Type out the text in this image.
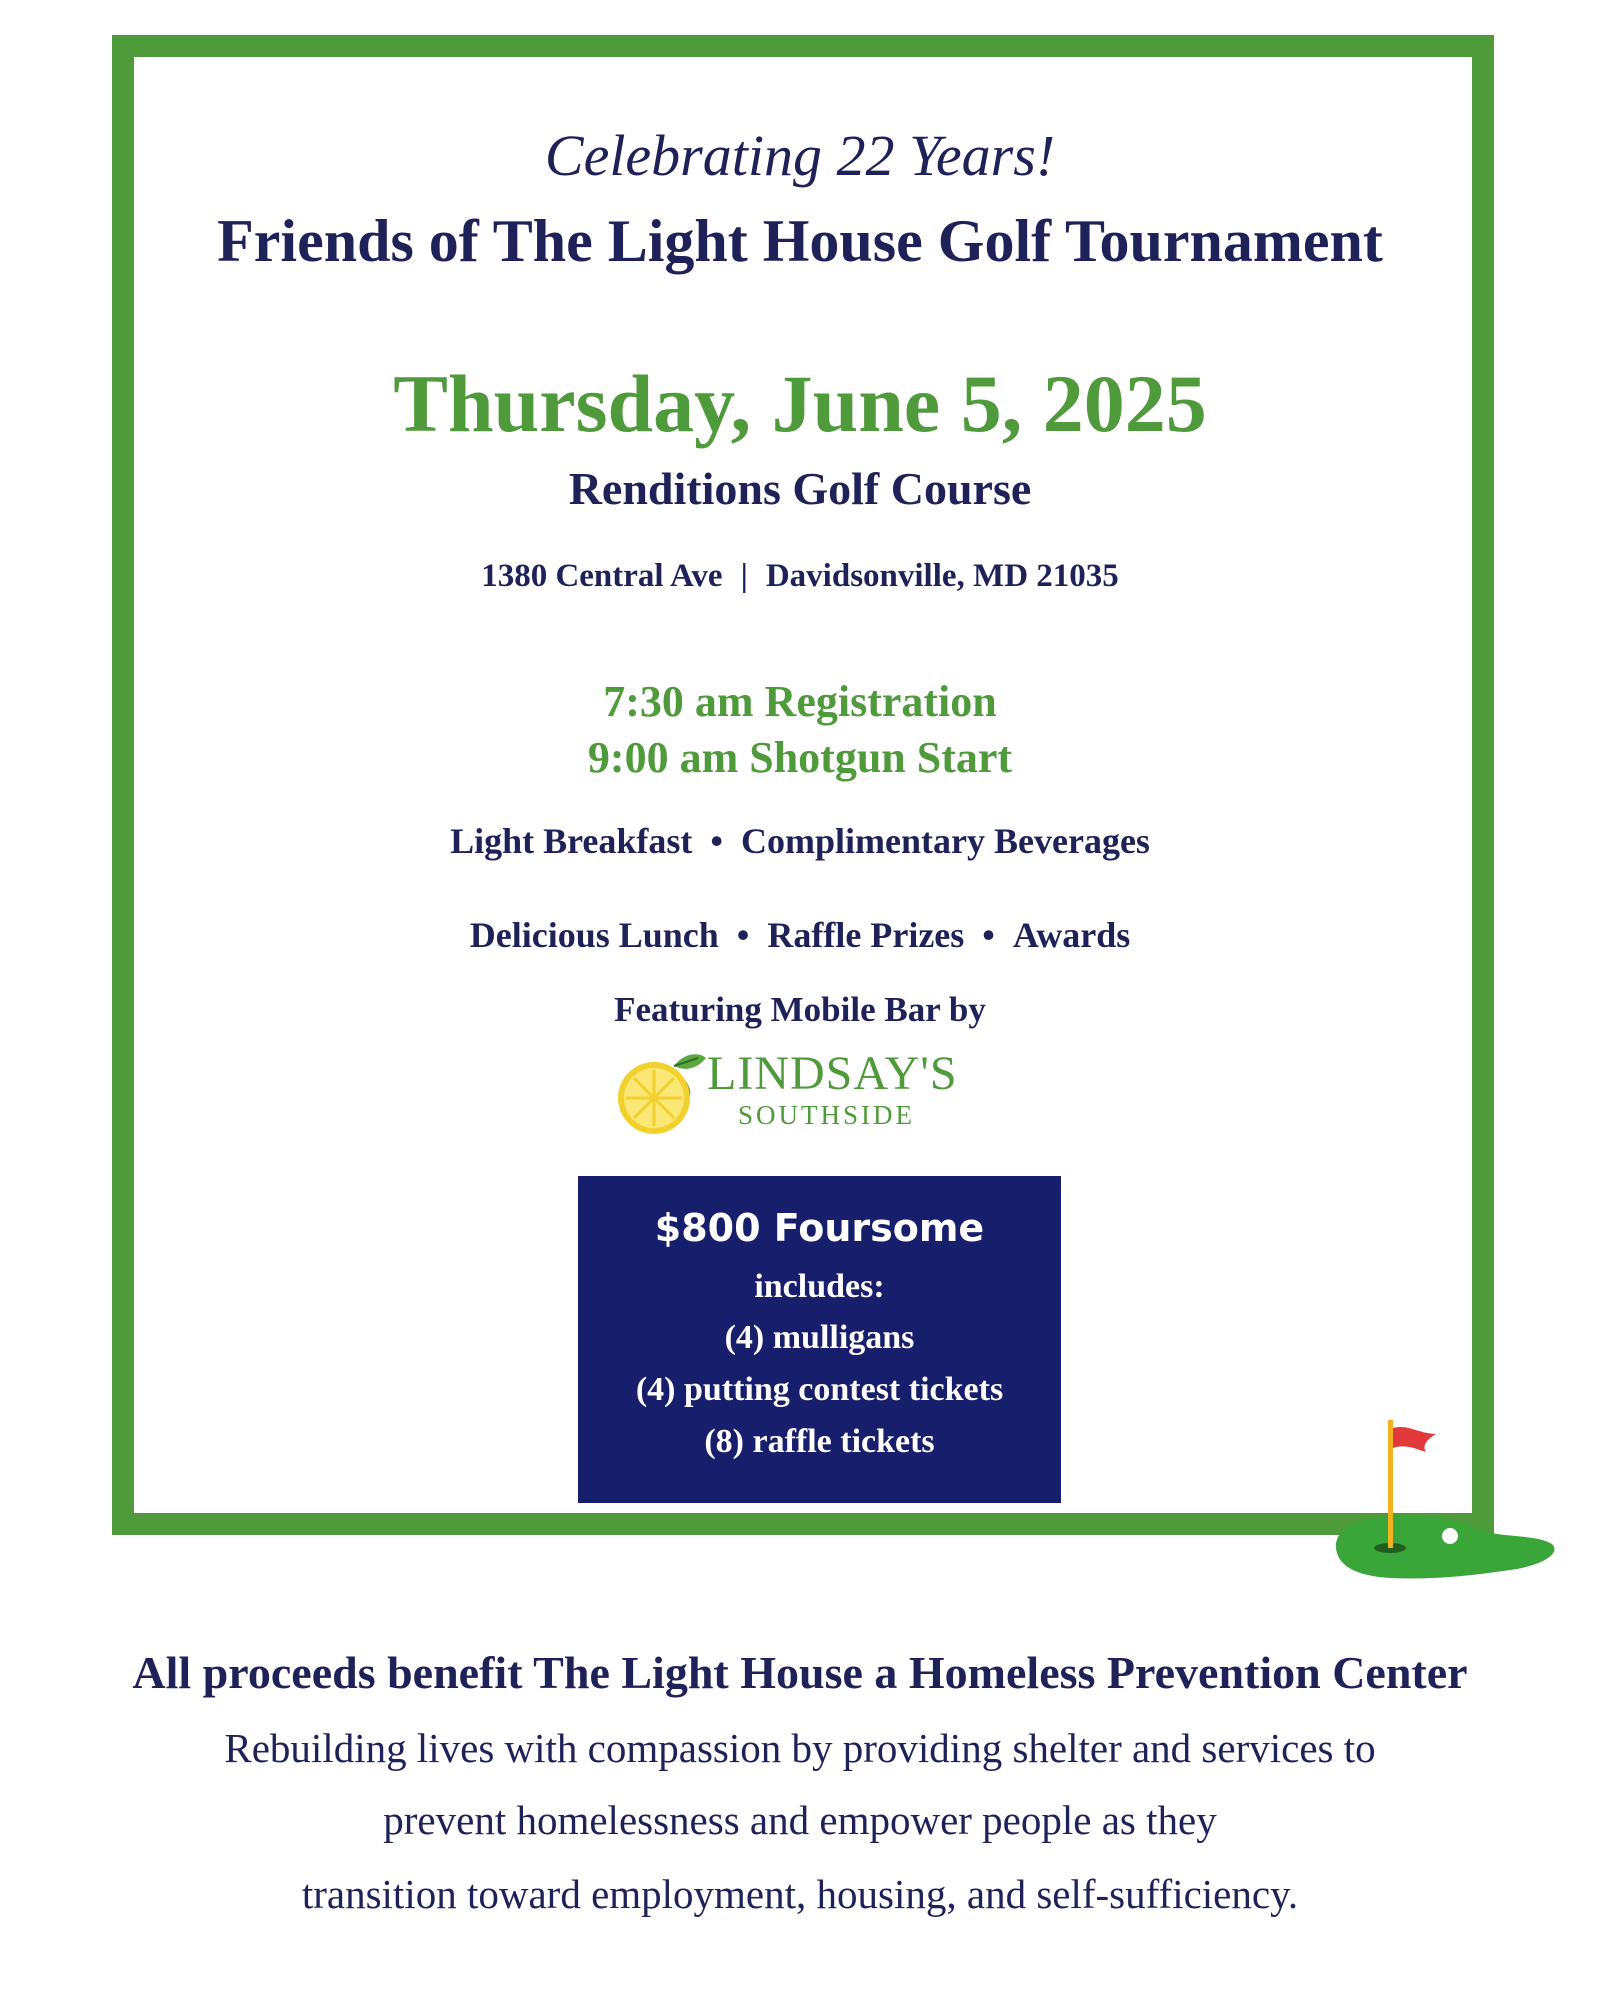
Celebrating 22 Years!
Friends of The Light House Golf Tournament
Thursday, June 5, 2025
Renditions Golf Course
1380 Central Ave | Davidsonville, MD 21035
7:30 am Registration
9:00 am Shotgun Start
Light Breakfast • Complimentary Beverages
Delicious Lunch • Raffle Prizes • Awards
Featuring Mobile Bar by
LINDSAY'S
SOUTHSIDE
$800 Foursome
includes:
(4) mulligans
(4) putting contest tickets
(8) raffle tickets
All proceeds benefit The Light House a Homeless Prevention Center
Rebuilding lives with compassion by providing shelter and services to
prevent homelessness and empower people as they
transition toward employment, housing, and self-sufficiency.
